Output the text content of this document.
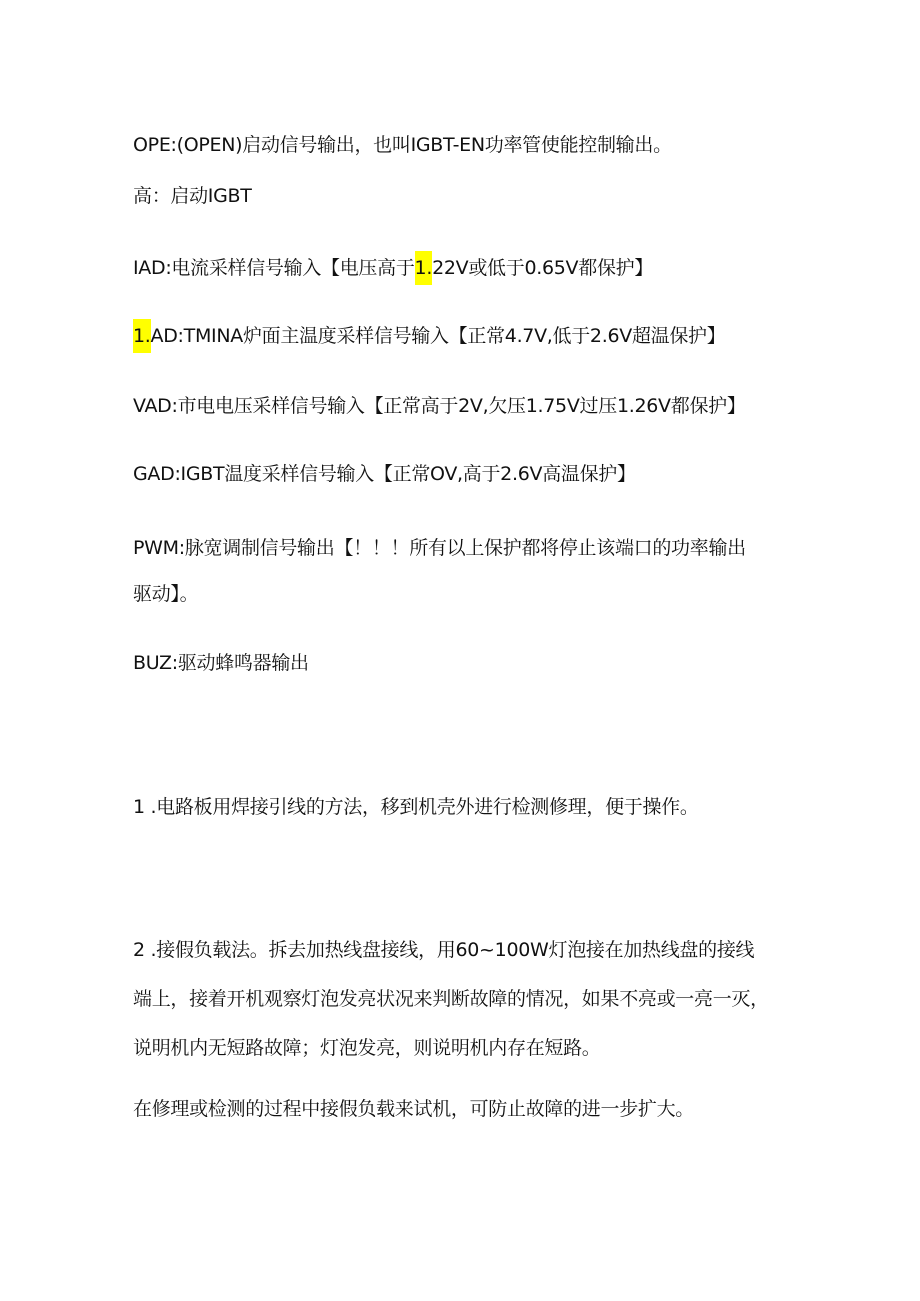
OPE:(OPEN)启动信号输出，也叫IGBT-EN功率管使能控制输出。

高：启动IGBT

IAD:电流采样信号输入【电压高于1.22V或低于0.65V都保护】

1.AD:TMINA炉面主温度采样信号输入【正常4.7V,低于2.6V超温保护】

VAD:市电电压采样信号输入【正常高于2V,欠压1.75V过压1.26V都保护】

GAD:IGBT温度采样信号输入【正常OV,高于2.6V高温保护】

PWM:脉宽调制信号输出【！！！所有以上保护都将停止该端口的功率输出

驱动】。

BUZ:驱动蜂鸣器输出

1 .电路板用焊接引线的方法，移到机壳外进行检测修理，便于操作。

2 .接假负载法。拆去加热线盘接线，用60~100W灯泡接在加热线盘的接线

端上，接着开机观察灯泡发亮状况来判断故障的情况，如果不亮或一亮一灭，

说明机内无短路故障；灯泡发亮，则说明机内存在短路。

在修理或检测的过程中接假负载来试机，可防止故障的进一步扩大。
